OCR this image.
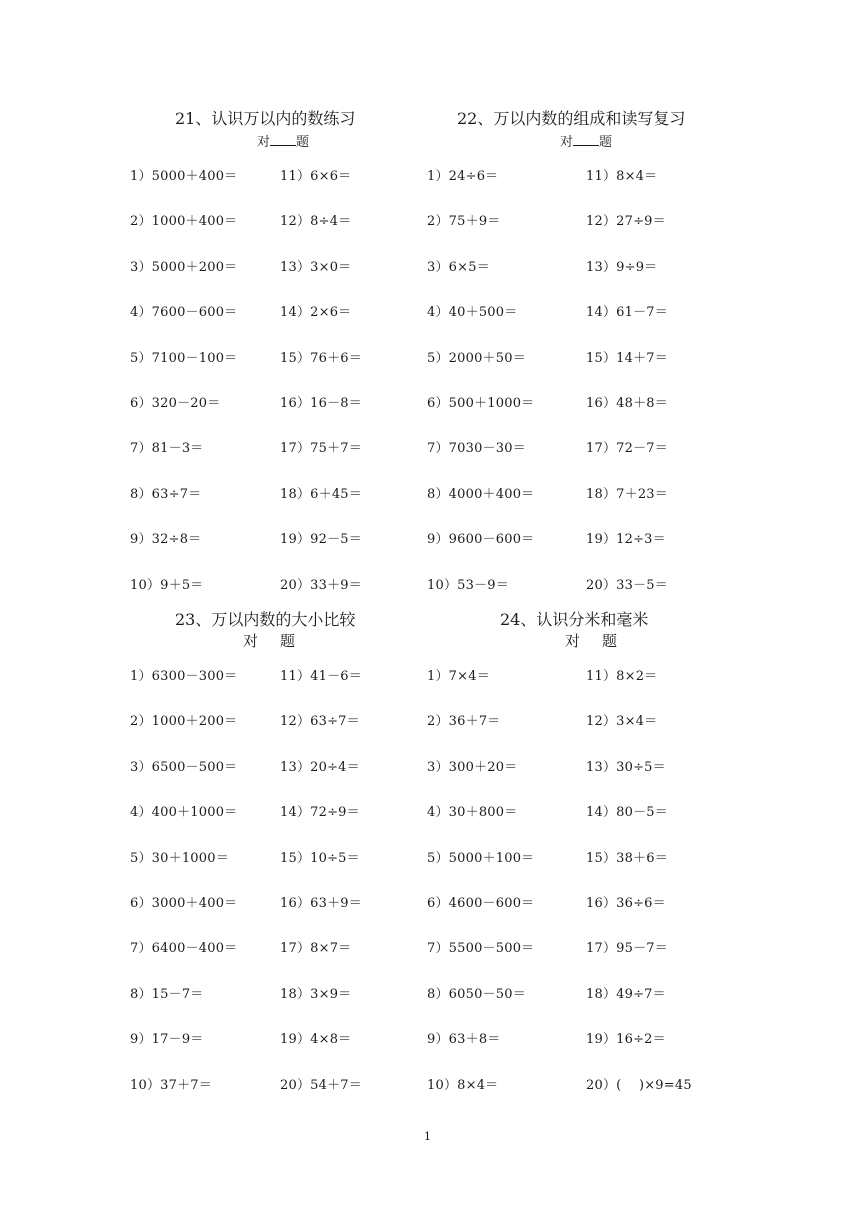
21、认识万以内的数练习
对 题
22、万以内数的组成和读写复习
对 题
23、万以内数的大小比较
对 题
24、认识分米和毫米
对 题
1）5000＋400＝
2）1000＋400＝
3）5000＋200＝
4）7600－600＝
5）7100－100＝
6）320－20＝
7）81－3＝
8）63÷7＝
9）32÷8＝
10）9＋5＝
11）6×6＝
12）8÷4＝
13）3×0＝
14）2×6＝
15）76＋6＝
16）16－8＝
17）75＋7＝
18）6＋45＝
19）92－5＝
20）33＋9＝
1）24÷6＝
2）75＋9＝
3）6×5＝
4）40＋500＝
5）2000＋50＝
6）500＋1000＝
7）7030－30＝
8）4000＋400＝
9）9600－600＝
10）53－9＝
11）8×4＝
12）27÷9＝
13）9÷9＝
14）61－7＝
15）14＋7＝
16）48＋8＝
17）72－7＝
18）7＋23＝
19）12÷3＝
20）33－5＝
1）6300－300＝
2）1000＋200＝
3）6500－500＝
4）400＋1000＝
5）30＋1000＝
6）3000＋400＝
7）6400－400＝
8）15－7＝
9）17－9＝
10）37＋7＝
11）41－6＝
12）63÷7＝
13）20÷4＝
14）72÷9＝
15）10÷5＝
16）63＋9＝
17）8×7＝
18）3×9＝
19）4×8＝
20）54＋7＝
1）7×4＝
2）36＋7＝
3）300＋20＝
4）30＋800＝
5）5000＋100＝
6）4600－600＝
7）5500－500＝
8）6050－50＝
9）63＋8＝
10）8×4＝
11）8×2＝
12）3×4＝
13）30÷5＝
14）80－5＝
15）38＋6＝
16）36÷6＝
17）95－7＝
18）49÷7＝
19）16÷2＝
20）(　 )×9=45
1
